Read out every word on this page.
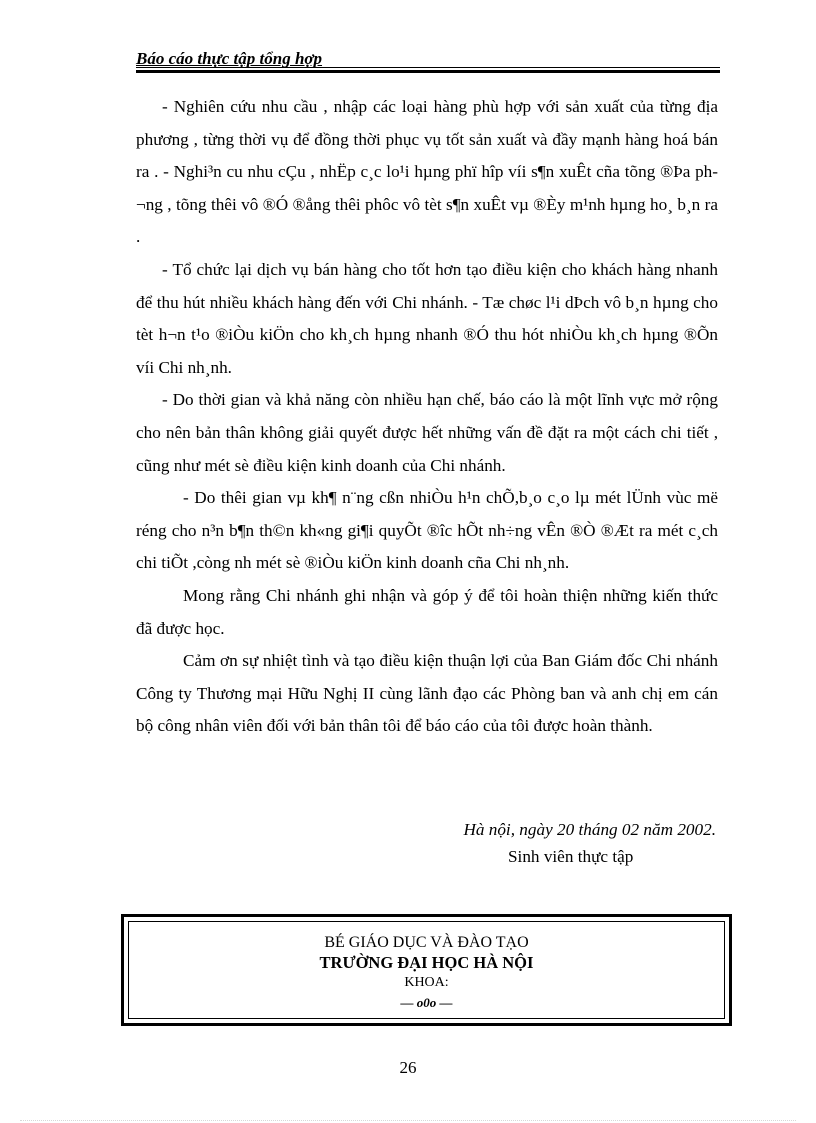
Báo cáo thực tập tổng hợp

- Nghiên cứu nhu cầu , nhập các loại hàng phù hợp với sản xuất của từng địa phương , từng thời vụ để đồng thời phục vụ tốt sản xuất và đầy mạnh hàng hoá bán ra . - Nghi³n cu nhu cÇu , nhËp c¸c lo¹i hµng phï hîp víi s¶n xuÊt cña tõng ®Þa ph¬ng , tõng thêi vô ®Ó ®ång thêi phôc vô tèt s¶n xuÊt vµ ®Èy m¹nh hµng ho¸ b¸n ra .

- Tổ chức lại dịch vụ bán hàng cho tốt hơn tạo điều kiện cho khách hàng nhanh để thu hút nhiều khách hàng đến với Chi nhánh. - Tæ chøc l¹i dÞch vô b¸n hµng cho tèt h¬n t¹o ®iÒu kiÖn cho kh¸ch hµng nhanh ®Ó thu hót nhiÒu kh¸ch hµng ®Õn víi Chi nh¸nh.

- Do thời gian và khả năng còn nhiều hạn chế, báo cáo là một lĩnh vực mở rộng cho nên bản thân không giải quyết được hết những vấn đề đặt ra một cách chi tiết , cũng như mét sè điều kiện kinh doanh của Chi nhánh.

- Do thêi gian vµ kh¶ n¨ng cßn nhiÒu h¹n chÕ,b¸o c¸o lµ mét lÜnh vùc më réng cho n³n b¶n th©n kh«ng gi¶i quyÕt ®îc hÕt nh÷ng vÊn ®Ò ®Æt ra mét c¸ch chi tiÕt ,còng nh mét sè ®iÒu kiÖn kinh doanh cña Chi nh¸nh.

Mong rằng Chi nhánh ghi nhận và góp ý để tôi hoàn thiện những kiến thức đã được học.

Cảm ơn sự nhiệt tình và tạo điều kiện thuận lợi của Ban Giám đốc Chi nhánh Công ty Thương mại Hữu Nghị II cùng lãnh đạo các Phòng ban và anh chị em cán bộ công nhân viên đối với bản thân tôi để báo cáo của tôi được hoàn thành.

Hà nội, ngày 20 tháng 02 năm 2002.
Sinh viên thực tập
BÉ GIÁO DỤC VÀ ĐÀO TẠO
TRƯỜNG ĐẠI HỌC HÀ NỘI
KHOA:
— o0o —
26
